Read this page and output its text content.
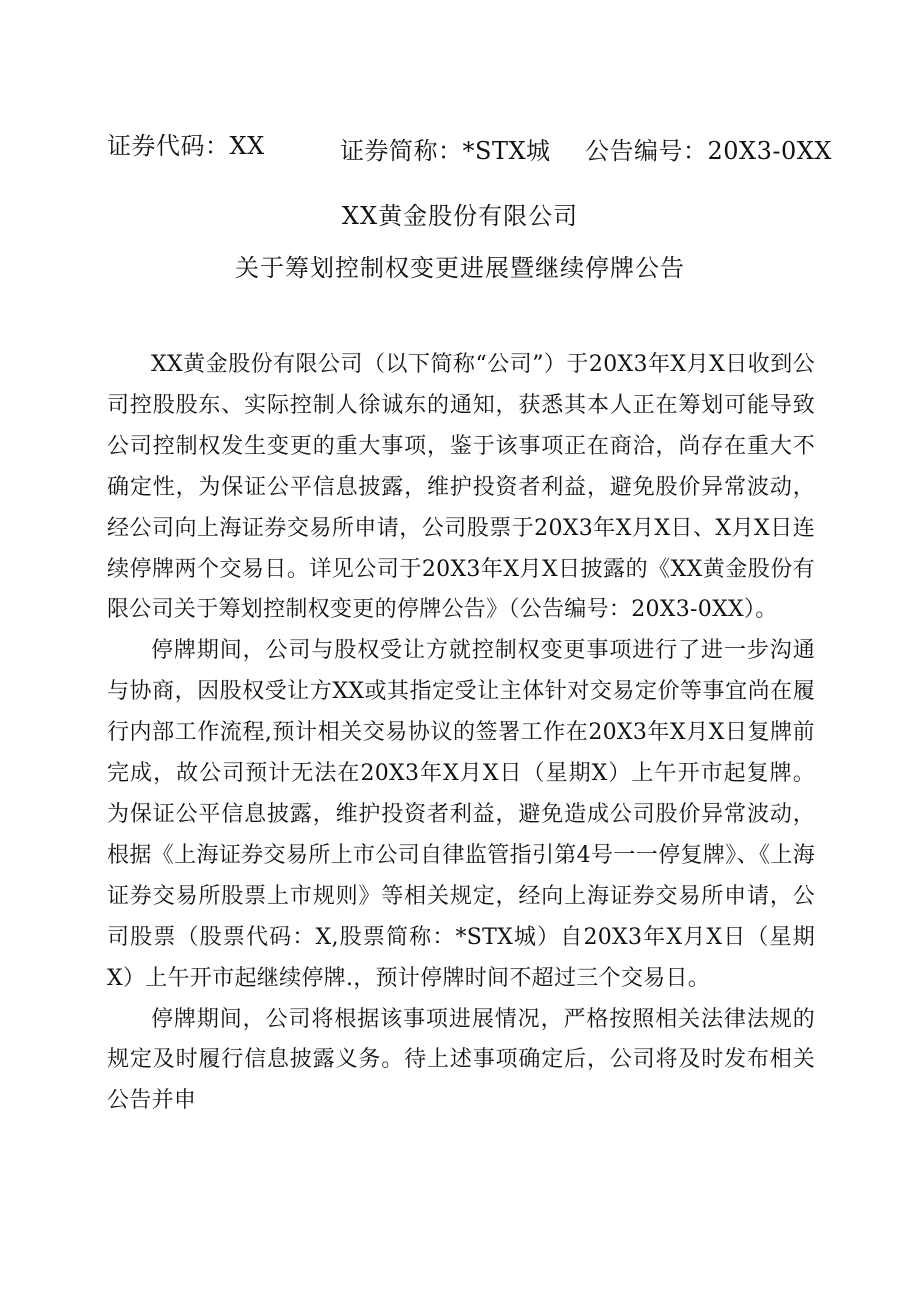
证券代码：XX	证券简称：*STX城 公告编号：20X3-0XX
XX黄金股份有限公司
关于筹划控制权变更进展暨继续停牌公告

XX黄金股份有限公司（以下简称“公司”）于20X3年X月X日收到公司控股股东、实际控制人徐诚东的通知，获悉其本人正在筹划可能导致公司控制权发生变更的重大事项，鉴于该事项正在商洽，尚存在重大不确定性，为保证公平信息披露，维护投资者利益，避免股价异常波动，经公司向上海证券交易所申请，公司股票于20X3年X月X日、X月X日连续停牌两个交易日。详见公司于20X3年X月X日披露的《XX黄金股份有限公司关于筹划控制权变更的停牌公告》（公告编号：20X3-0XX）。

停牌期间，公司与股权受让方就控制权变更事项进行了进一步沟通与协商，因股权受让方XX或其指定受让主体针对交易定价等事宜尚在履行内部工作流程,预计相关交易协议的签署工作在20X3年X月X日复牌前完成，故公司预计无法在20X3年X月X日（星期X）上午开市起复牌。为保证公平信息披露，维护投资者利益，避免造成公司股价异常波动，根据《上海证券交易所上市公司自律监管指引第4号一一停复牌》、《上海证券交易所股票上市规则》等相关规定，经向上海证券交易所申请，公司股票（股票代码：X,股票简称：*STX城）自20X3年X月X日（星期X）上午开市起继续停牌.，预计停牌时间不超过三个交易日。

停牌期间，公司将根据该事项进展情况，严格按照相关法律法规的规定及时履行信息披露义务。待上述事项确定后，公司将及时发布相关公告并申
